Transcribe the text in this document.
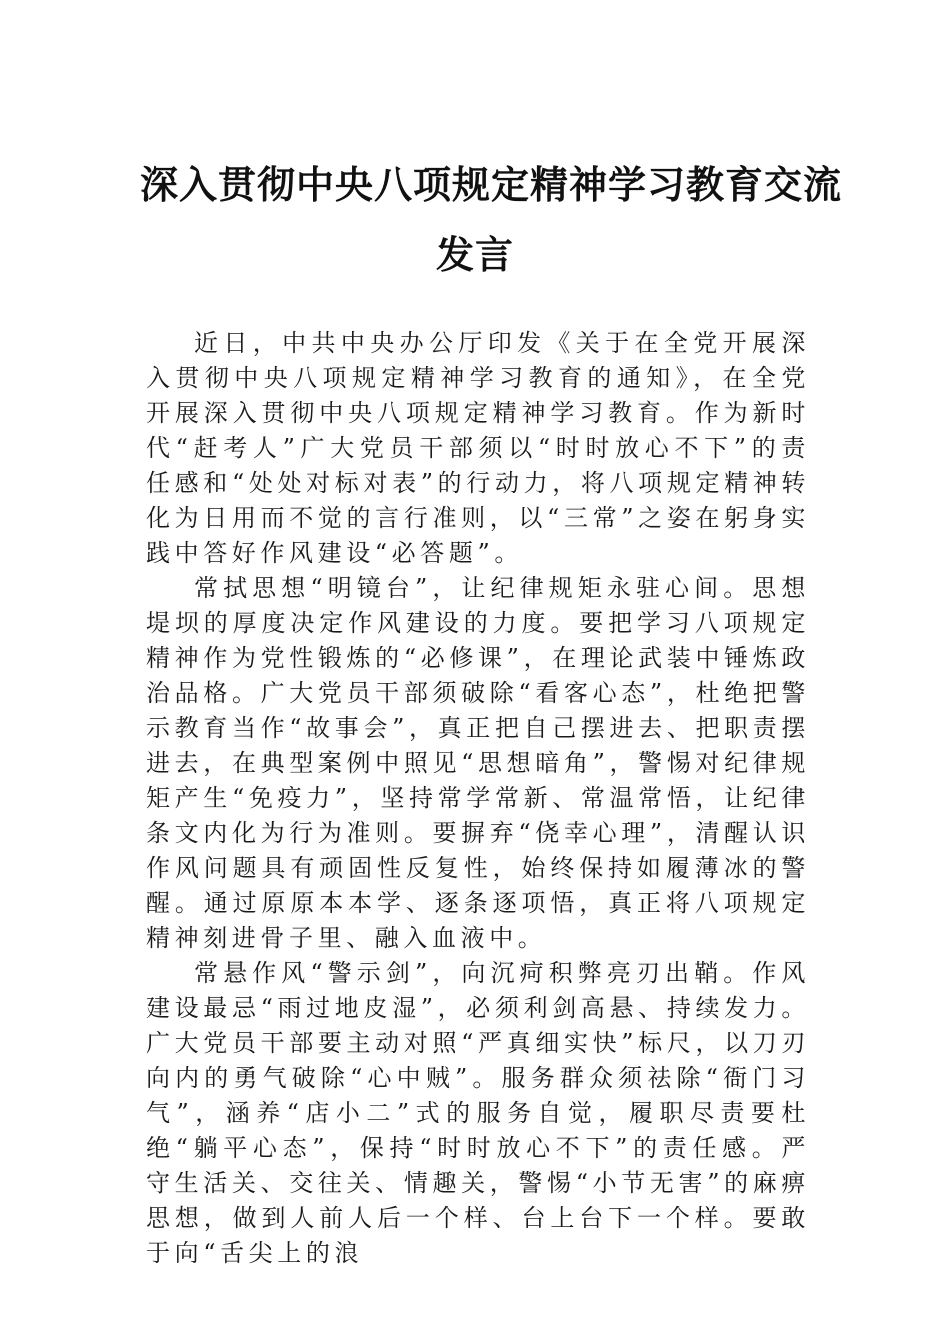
深入贯彻中央八项规定精神学习教育交流
发言

近日，中共中央办公厅印发《关于在全党开展深入贯彻中央八项规定精神学习教育的通知》，在全党开展深入贯彻中央八项规定精神学习教育。作为新时代“赶考人”广大党员干部须以“时时放心不下”的责任感和“处处对标对表”的行动力，将八项规定精神转化为日用而不觉的言行准则，以“三常”之姿在躬身实践中答好作风建设“必答题”。

常拭思想“明镜台”，让纪律规矩永驻心间。思想堤坝的厚度决定作风建设的力度。要把学习八项规定精神作为党性锻炼的“必修课”，在理论武装中锤炼政治品格。广大党员干部须破除“看客心态”，杜绝把警示教育当作“故事会”，真正把自己摆进去、把职责摆进去，在典型案例中照见“思想暗角”，警惕对纪律规矩产生“免疫力”，坚持常学常新、常温常悟，让纪律条文内化为行为准则。要摒弃“侥幸心理”，清醒认识作风问题具有顽固性反复性，始终保持如履薄冰的警醒。通过原原本本学、逐条逐项悟，真正将八项规定精神刻进骨子里、融入血液中。

常悬作风“警示剑”，向沉疴积弊亮刃出鞘。作风建设最忌“雨过地皮湿”，必须利剑高悬、持续发力。广大党员干部要主动对照“严真细实快”标尺，以刀刃向内的勇气破除“心中贼”。服务群众须祛除“衙门习气”，涵养“店小二”式的服务自觉，履职尽责要杜绝“躺平心态”，保持“时时放心不下”的责任感。严守生活关、交往关、情趣关，警惕“小节无害”的麻痹思想，做到人前人后一个样、台上台下一个样。要敢于向“舌尖上的浪
